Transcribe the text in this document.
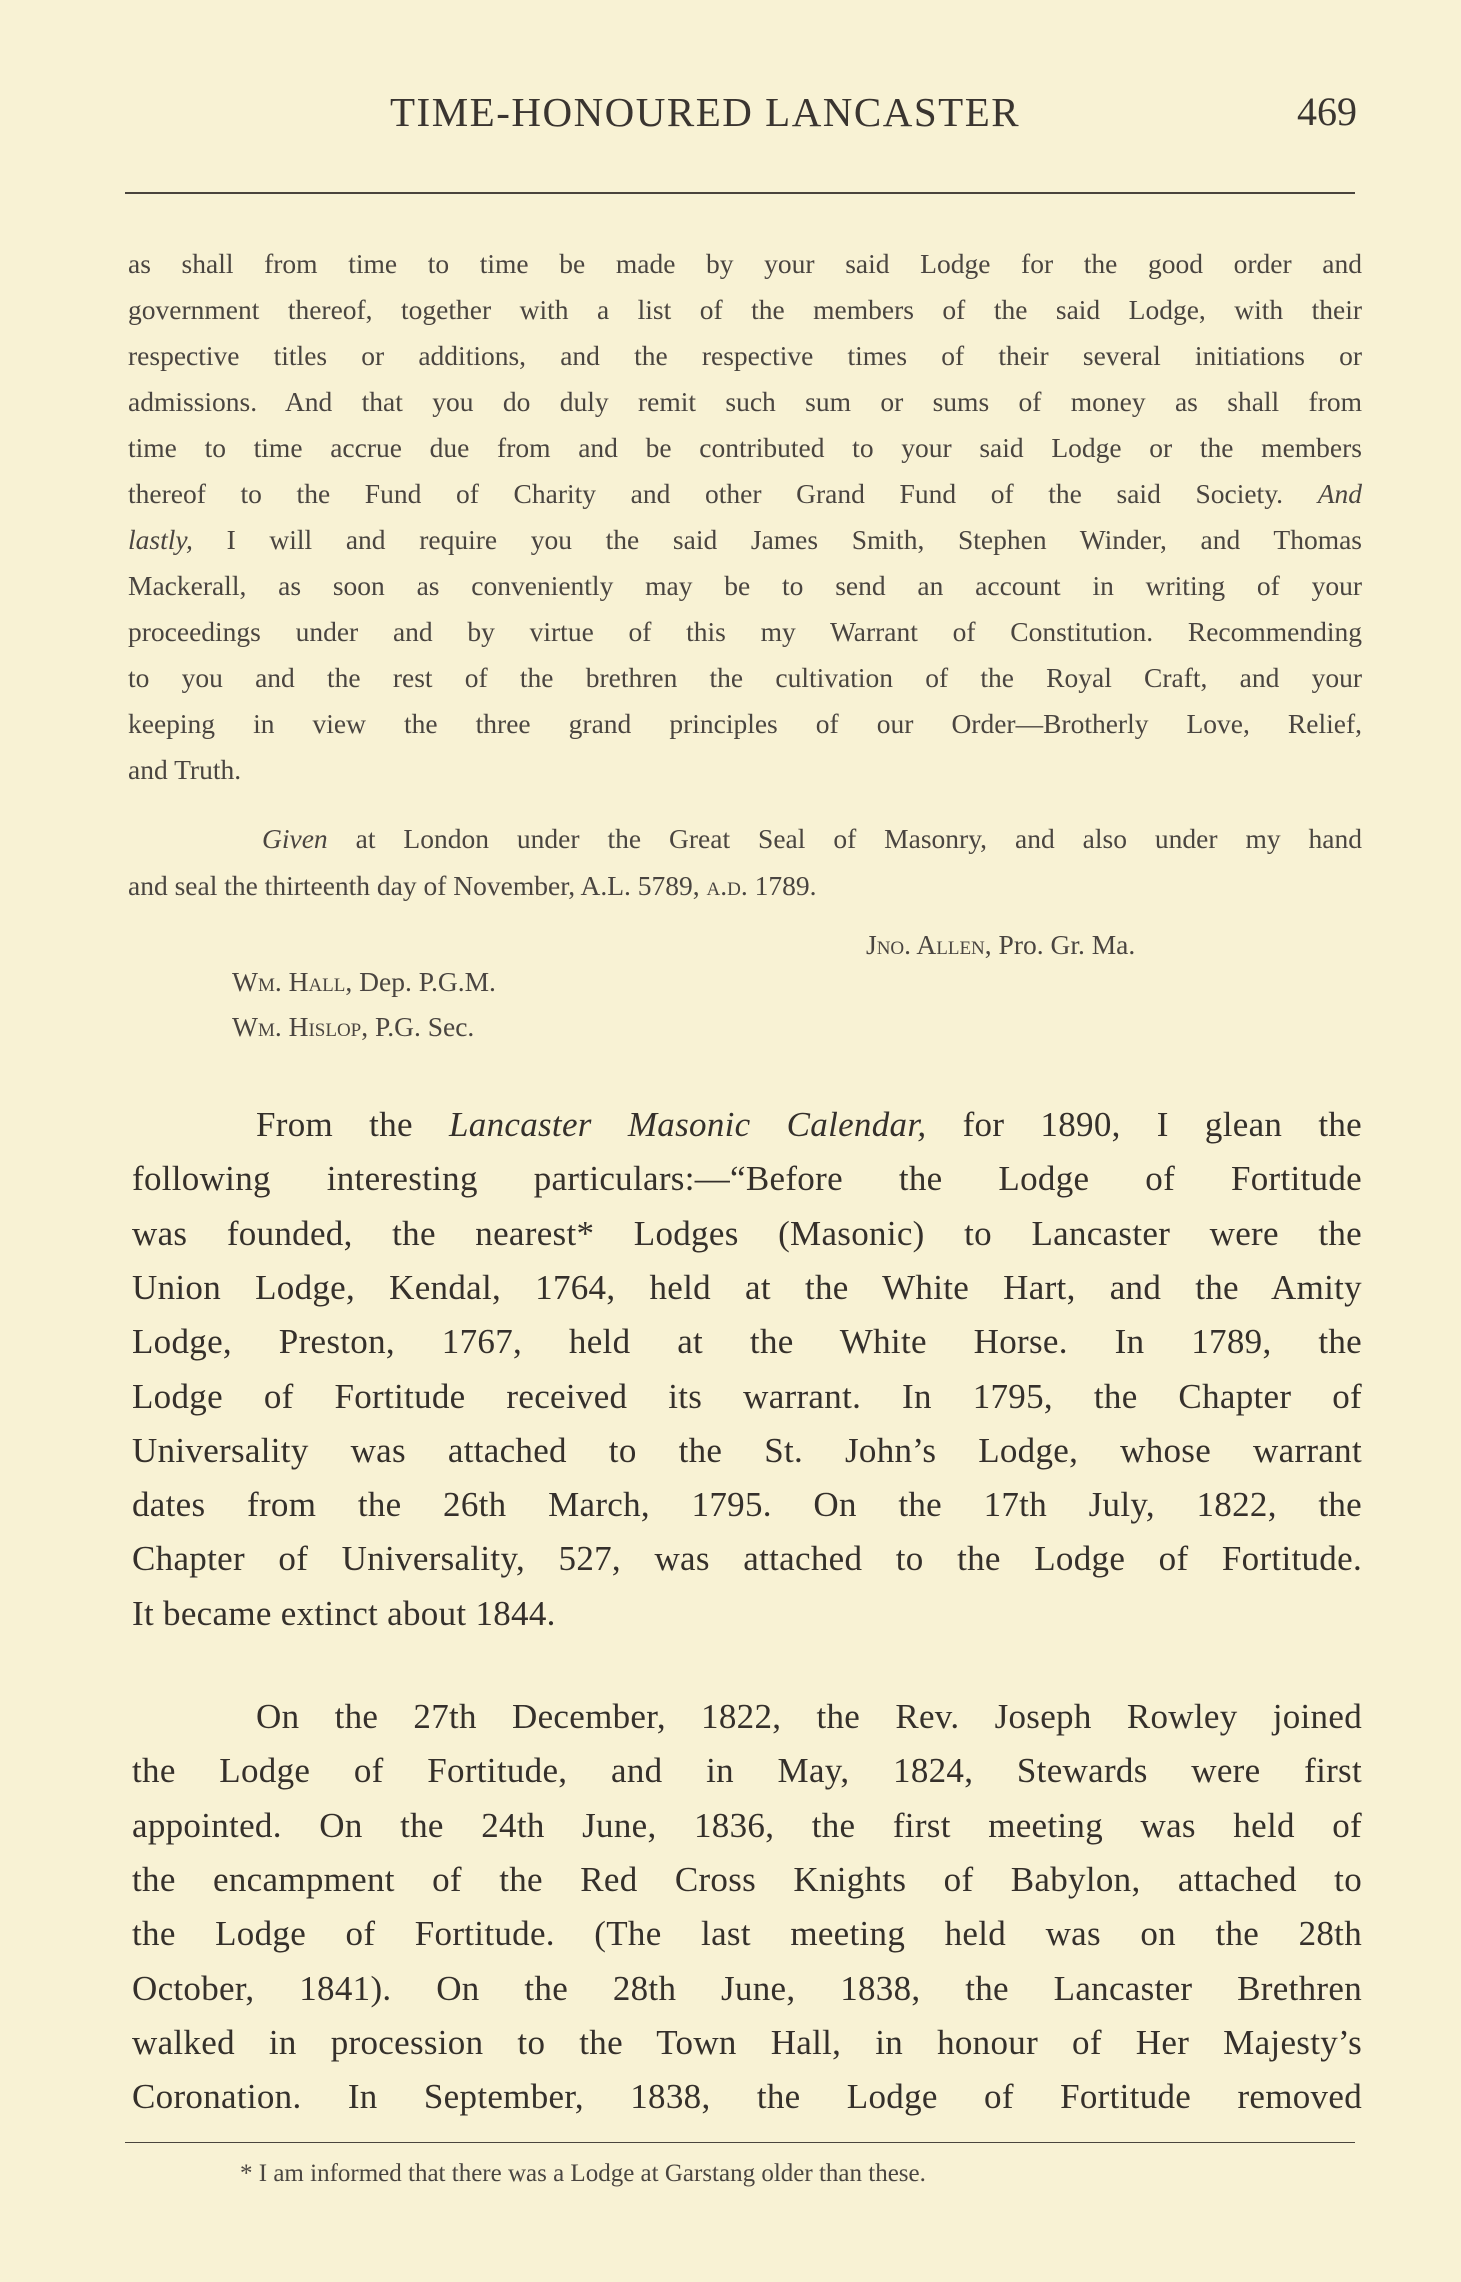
TIME-HONOURED LANCASTER	469
as shall from time to time be made by your said Lodge for the good order and
government thereof, together with a list of the members of the said Lodge, with their
respective titles or additions, and the respective times of their several initiations or
admissions. And that you do duly remit such sum or sums of money as shall from
time to time accrue due from and be contributed to your said Lodge or the members
thereof to the Fund of Charity and other Grand Fund of the said Society. And
lastly, I will and require you the said James Smith, Stephen Winder, and Thomas
Mackerall, as soon as conveniently may be to send an account in writing of your
proceedings under and by virtue of this my Warrant of Constitution. Recommending
to you and the rest of the brethren the cultivation of the Royal Craft, and your
keeping in view the three grand principles of our Order—Brotherly Love, Relief,
and Truth.
Given at London under the Great Seal of Masonry, and also under my hand
and seal the thirteenth day of November, A.L. 5789, a.d. 1789.
Jno. Allen, Pro. Gr. Ma.
Wm. Hall, Dep. P.G.M.
Wm. Hislop, P.G. Sec.
From the Lancaster Masonic Calendar, for 1890, I glean the
following interesting particulars:—“Before the Lodge of Fortitude
was founded, the nearest* Lodges (Masonic) to Lancaster were the
Union Lodge, Kendal, 1764, held at the White Hart, and the Amity
Lodge, Preston, 1767, held at the White Horse. In 1789, the
Lodge of Fortitude received its warrant. In 1795, the Chapter of
Universality was attached to the St. John’s Lodge, whose warrant
dates from the 26th March, 1795. On the 17th July, 1822, the
Chapter of Universality, 527, was attached to the Lodge of Fortitude.
It became extinct about 1844.
On the 27th December, 1822, the Rev. Joseph Rowley joined
the Lodge of Fortitude, and in May, 1824, Stewards were first
appointed. On the 24th June, 1836, the first meeting was held of
the encampment of the Red Cross Knights of Babylon, attached to
the Lodge of Fortitude. (The last meeting held was on the 28th
October, 1841). On the 28th June, 1838, the Lancaster Brethren
walked in procession to the Town Hall, in honour of Her Majesty’s
Coronation. In September, 1838, the Lodge of Fortitude removed
* I am informed that there was a Lodge at Garstang older than these.
